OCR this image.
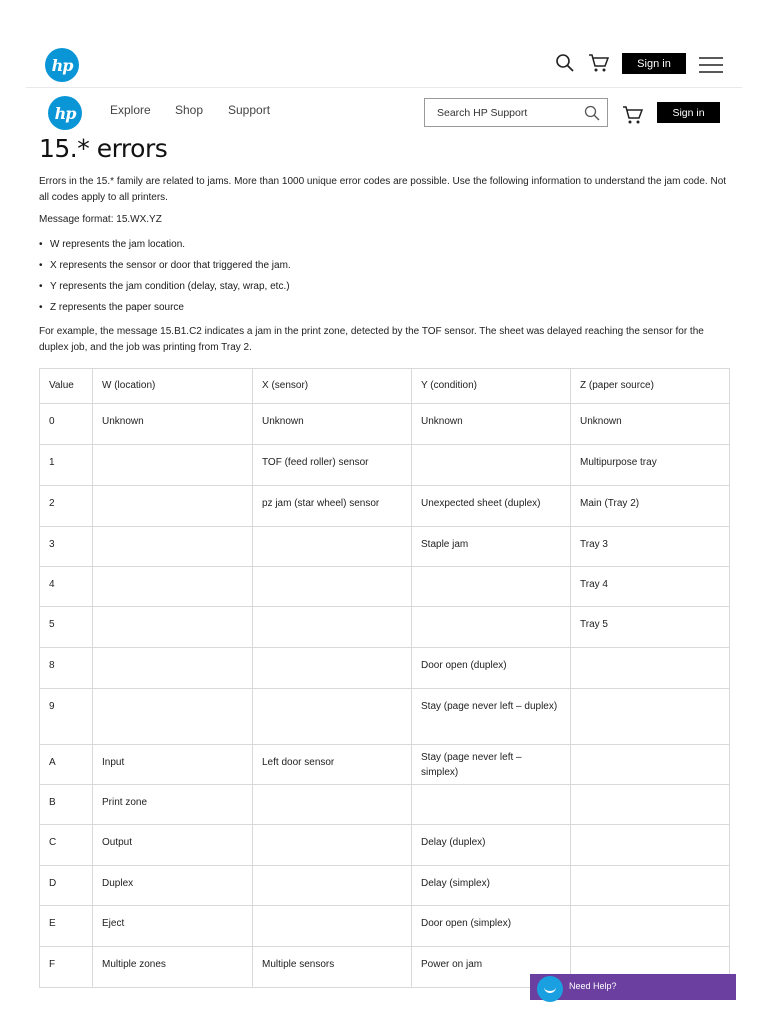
hp	Sign in
hp	Explore Shop Support
Search HP Support	Sign in
15.* errors

Errors in the 15.* family are related to jams. More than 1000 unique error codes are possible. Use the following information to understand the jam code. Not all codes apply to all printers.

Message format: 15.WX.YZ

• W represents the jam location.
• X represents the sensor or door that triggered the jam.
• Y represents the jam condition (delay, stay, wrap, etc.)
• Z represents the paper source

For example, the message 15.B1.C2 indicates a jam in the print zone, detected by the TOF sensor. The sheet was delayed reaching the sensor for the duplex job, and the job was printing from Tray 2.

Value	W (location)	X (sensor)	Y (condition)	Z (paper source)
0	Unknown	Unknown	Unknown	Unknown
1		TOF (feed roller) sensor		Multipurpose tray
2		pz jam (star wheel) sensor	Unexpected sheet (duplex)	Main (Tray 2)
3			Staple jam	Tray 3
4				Tray 4
5				Tray 5
8			Door open (duplex)	
9			Stay (page never left – duplex)	
A	Input	Left door sensor	Stay (page never left – simplex)	
B	Print zone			
C	Output		Delay (duplex)	
D	Duplex		Delay (simplex)	
E	Eject		Door open (simplex)	
F	Multiple zones	Multiple sensors	Power on jam	
Need Help?
